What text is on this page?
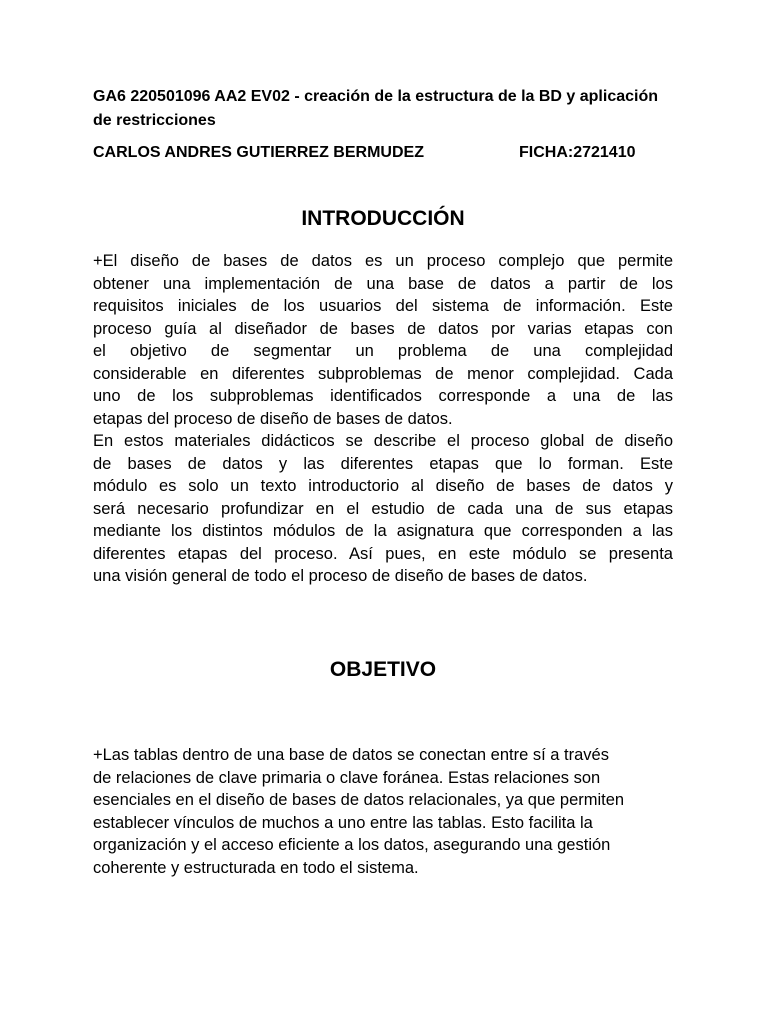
GA6 220501096 AA2 EV02 - creación de la estructura de la BD y aplicación de restricciones

CARLOS ANDRES GUTIERREZ BERMUDEZ	FICHA:2721410
INTRODUCCIÓN
+El diseño de bases de datos es un proceso complejo que permite
obtener una implementación de una base de datos a partir de los
requisitos iniciales de los usuarios del sistema de información. Este
proceso guía al diseñador de bases de datos por varias etapas con
el objetivo de segmentar un problema de una complejidad
considerable en diferentes subproblemas de menor complejidad. Cada
uno de los subproblemas identificados corresponde a una de las
etapas del proceso de diseño de bases de datos.
En estos materiales didácticos se describe el proceso global de diseño
de bases de datos y las diferentes etapas que lo forman. Este
módulo es solo un texto introductorio al diseño de bases de datos y
será necesario profundizar en el estudio de cada una de sus etapas
mediante los distintos módulos de la asignatura que corresponden a las
diferentes etapas del proceso. Así pues, en este módulo se presenta
una visión general de todo el proceso de diseño de bases de datos.
OBJETIVO
+Las tablas dentro de una base de datos se conectan entre sí a través
de relaciones de clave primaria o clave foránea. Estas relaciones son
esenciales en el diseño de bases de datos relacionales, ya que permiten
establecer vínculos de muchos a uno entre las tablas. Esto facilita la
organización y el acceso eficiente a los datos, asegurando una gestión
coherente y estructurada en todo el sistema.
